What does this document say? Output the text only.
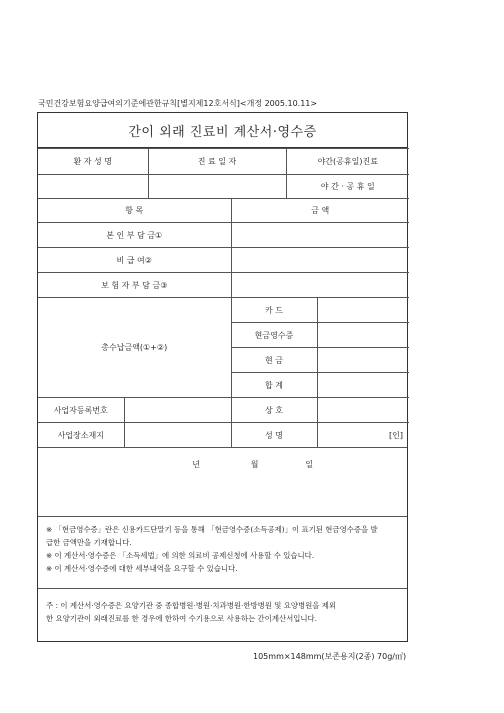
국민건강보험요양급여의기준에관한규칙[별지제12호서식]<개정 2005.10.11>
간이 외래 진료비 계산서·영수증
환 자 성 명	진 료 일 자	야간(공휴일)진료
		야 간 · 공 휴 일
항 목	금 액	
본 인 부 담 금①		
비 급 여②		
보 험 자 부 담 금③		
총수납금액(①+②)	카 드	
	현금영수증	
	현 금	
	합 계	
사업자등록번호		상 호	
사업장소재지		성 명	[인]
년	월	일

※ 「현금영수증」란은 신용카드단말기 등을 통해 「현금영수증(소득공제)」이 표기된 현금영수증을 발

급한 금액만을 기재합니다.

※ 이 계산서·영수증은 「소득세법」에 의한 의료비 공제신청에 사용할 수 있습니다.

※ 이 계산서·영수증에 대한 세부내역을 요구할 수 있습니다.

주 : 이 계산서·영수증은 요양기관 중 종합병원·병원·치과병원·한방병원 및 요양병원을 제외

한 요양기관이 외래진료를 한 경우에 한하여 수기용으로 사용하는 간이계산서입니다.

105mm×148mm(보존용지(2종) 70g/㎡)
